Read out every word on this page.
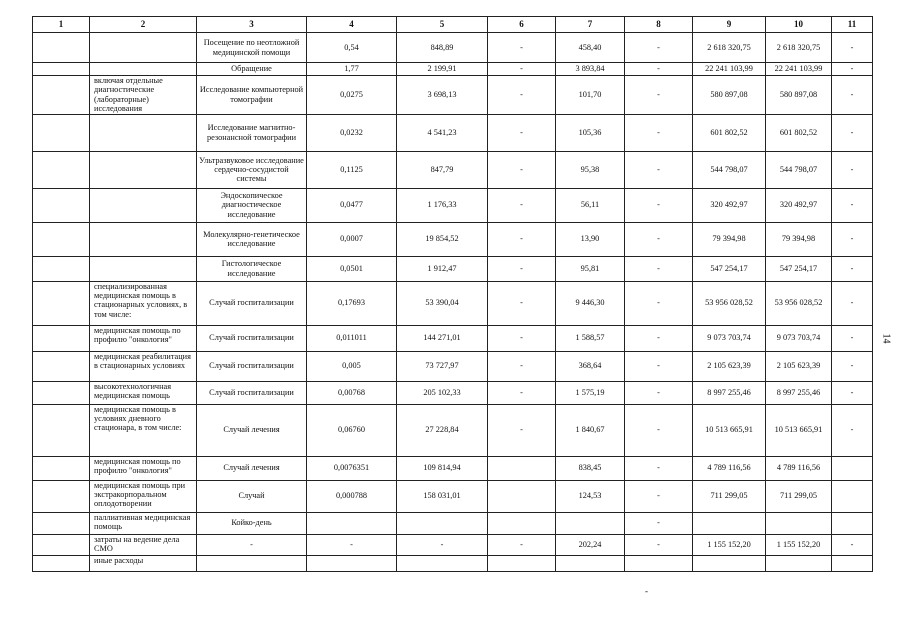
1	2	3	4	5	6	7	8	9	10	11
		Посещение по неотложной медицинской помощи	0,54	848,89	-	458,40	-	2 618 320,75	2 618 320,75	-
		Обращение	1,77	2 199,91	-	3 893,84	-	22 241 103,99	22 241 103,99	-
	включая отдельные диагностические (лабораторные) исследования	Исследование компьютерной томографии	0,0275	3 698,13	-	101,70	-	580 897,08	580 897,08	-
		Исследование магнитно-резонансной томографии	0,0232	4 541,23	-	105,36	-	601 802,52	601 802,52	-
		Ультразвуковое исследование сердечно-сосудистой системы	0,1125	847,79	-	95,38	-	544 798,07	544 798,07	-
		Эндоскопическое диагностическое исследование	0,0477	1 176,33	-	56,11	-	320 492,97	320 492,97	-
		Молекулярно-генетическое исследование	0,0007	19 854,52	-	13,90	-	79 394,98	79 394,98	-
		Гистологическое исследование	0,0501	1 912,47	-	95,81	-	547 254,17	547 254,17	-
	специализированная медицинская помощь в стационарных условиях, в том числе:	Случай госпитализации	0,17693	53 390,04	-	9 446,30	-	53 956 028,52	53 956 028,52	-
	медицинская помощь по профилю "онкология"	Случай госпитализации	0,011011	144 271,01	-	1 588,57	-	9 073 703,74	9 073 703,74	-
	медицинская реабилитация в стационарных условиях	Случай госпитализации	0,005	73 727,97	-	368,64	-	2 105 623,39	2 105 623,39	-
	высокотехнологичная медицинская помощь	Случай госпитализации	0,00768	205 102,33	-	1 575,19	-	8 997 255,46	8 997 255,46	-
	медицинская помощь в условиях дневного стационара, в том числе:	Случай лечения	0,06760	27 228,84	-	1 840,67	-	10 513 665,91	10 513 665,91	-
	медицинская помощь по профилю "онкология"	Случай лечения	0,0076351	109 814,94		838,45	-	4 789 116,56	4 789 116,56	
	медицинская помощь при экстракорпоральном оплодотворении	Случай	0,000788	158 031,01		124,53	-	711 299,05	711 299,05	
	паллиативная медицинская помощь	Койко-день					-			
	затраты на ведение дела СМО	-	-	-	-	202,24	-	1 155 152,20	1 155 152,20	-
	иные расходы									
14
-
